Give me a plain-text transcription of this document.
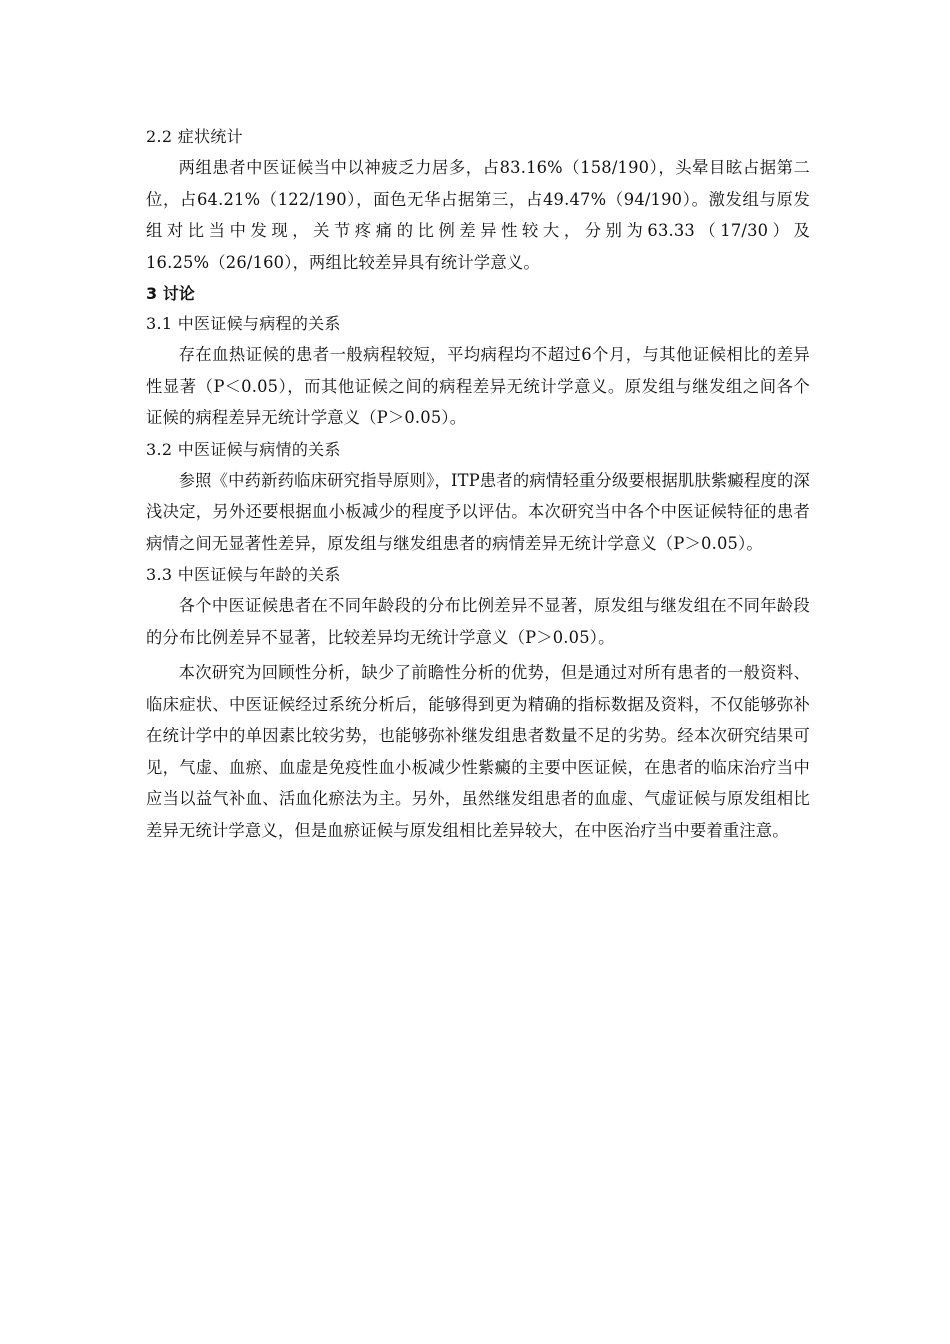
2.2 症状统计

两组患者中医证候当中以神疲乏力居多，占83.16%（158/190），头晕目眩占据第二位，占64.21%（122/190），面色无华占据第三，占49.47%（94/190）。激发组与原发组对比当中发现，关节疼痛的比例差异性较大，分别为63.33（17/30）及16.25%（26/160），两组比较差异具有统计学意义。

3 讨论
3.1 中医证候与病程的关系

存在血热证候的患者一般病程较短，平均病程均不超过6个月，与其他证候相比的差异性显著（P＜0.05），而其他证候之间的病程差异无统计学意义。原发组与继发组之间各个证候的病程差异无统计学意义（P＞0.05）。

3.2 中医证候与病情的关系

参照《中药新药临床研究指导原则》，ITP患者的病情轻重分级要根据肌肤紫癜程度的深浅决定，另外还要根据血小板减少的程度予以评估。本次研究当中各个中医证候特征的患者病情之间无显著性差异，原发组与继发组患者的病情差异无统计学意义（P＞0.05）。

3.3 中医证候与年龄的关系

各个中医证候患者在不同年龄段的分布比例差异不显著，原发组与继发组在不同年龄段的分布比例差异不显著，比较差异均无统计学意义（P＞0.05）。

本次研究为回顾性分析，缺少了前瞻性分析的优势，但是通过对所有患者的一般资料、临床症状、中医证候经过系统分析后，能够得到更为精确的指标数据及资料，不仅能够弥补在统计学中的单因素比较劣势，也能够弥补继发组患者数量不足的劣势。经本次研究结果可见，气虚、血瘀、血虚是免疫性血小板减少性紫癜的主要中医证候，在患者的临床治疗当中应当以益气补血、活血化瘀法为主。另外，虽然继发组患者的血虚、气虚证候与原发组相比差异无统计学意义，但是血瘀证候与原发组相比差异较大，在中医治疗当中要着重注意。
